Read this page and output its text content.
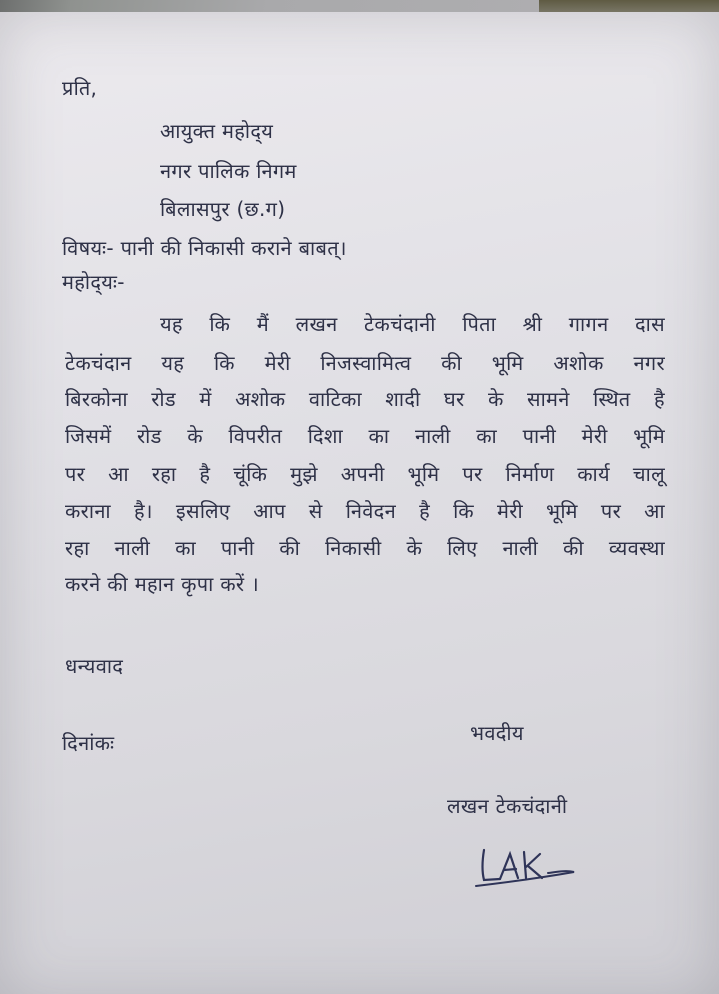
प्रति,
आयुक्त महोद्‌य
नगर पालिक निगम
बिलासपुर (छ.ग)
विषयः- पानी की निकासी कराने बाबत्।
महोद्‌यः-
यह कि मैं लखन टेकचंदानी पिता श्री गागन दास
टेकचंदान यह कि मेरी निजस्वामित्व की भूमि अशोक नगर
बिरकोना रोड में अशोक वाटिका शादी घर के सामने स्थित है
जिसमें रोड के विपरीत दिशा का नाली का पानी मेरी भूमि
पर आ रहा है चूंकि मुझे अपनी भूमि पर निर्माण कार्य चालू
कराना है। इसलिए आप से निवेदन है कि मेरी भूमि पर आ
रहा नाली का पानी की निकासी के लिए नाली की व्यवस्था
करने की महान कृपा करें ।
धन्यवाद
दिनांकः	भवदीय
लखन टेकचंदानी
